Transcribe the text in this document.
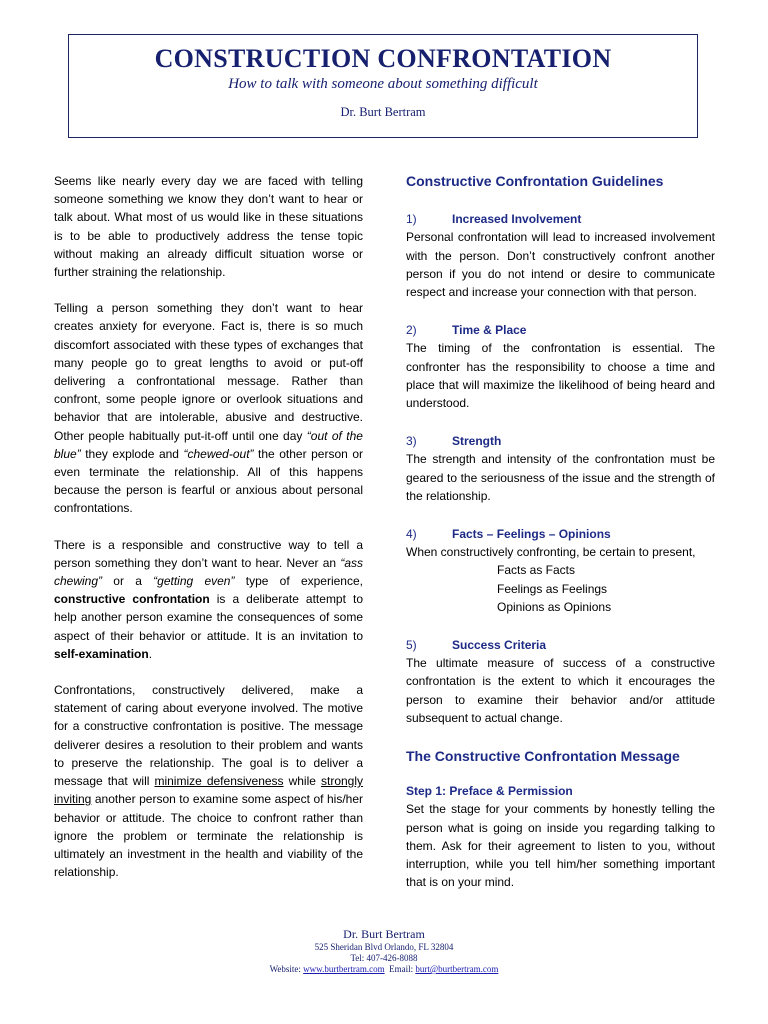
CONSTRUCTION CONFRONTATION
How to talk with someone about something difficult
Dr. Burt Bertram

Seems like nearly every day we are faced with telling someone something we know they don’t want to hear or talk about. What most of us would like in these situations is to be able to productively address the tense topic without making an already difficult situation worse or further straining the relationship.

Telling a person something they don’t want to hear creates anxiety for everyone. Fact is, there is so much discomfort associated with these types of exchanges that many people go to great lengths to avoid or put-off delivering a confrontational message. Rather than confront, some people ignore or overlook situations and behavior that are intolerable, abusive and destructive. Other people habitually put-it-off until one day “out of the blue” they explode and “chewed-out” the other person or even terminate the relationship. All of this happens because the person is fearful or anxious about personal confrontations.

There is a responsible and constructive way to tell a person something they don’t want to hear. Never an “ass chewing” or a “getting even” type of experience, constructive confrontation is a deliberate attempt to help another person examine the consequences of some aspect of their behavior or attitude. It is an invitation to self-examination.

Confrontations, constructively delivered, make a statement of caring about everyone involved. The motive for a constructive confrontation is positive. The message deliverer desires a resolution to their problem and wants to preserve the relationship. The goal is to deliver a message that will minimize defensiveness while strongly inviting another person to examine some aspect of his/her behavior or attitude. The choice to confront rather than ignore the problem or terminate the relationship is ultimately an investment in the health and viability of the relationship.

Constructive Confrontation Guidelines
1)	Increased Involvement

Personal confrontation will lead to increased involvement with the person. Don’t constructively confront another person if you do not intend or desire to communicate respect and increase your connection with that person.

2)	Time & Place

The timing of the confrontation is essential. The confronter has the responsibility to choose a time and place that will maximize the likelihood of being heard and understood.

3)	Strength

The strength and intensity of the confrontation must be geared to the seriousness of the issue and the strength of the relationship.

4)	Facts – Feelings – Opinions

When constructively confronting, be certain to present,

Facts as Facts
Feelings as Feelings
Opinions as Opinions
5)	Success Criteria

The ultimate measure of success of a constructive confrontation is the extent to which it encourages the person to examine their behavior and/or attitude subsequent to actual change.

The Constructive Confrontation Message
Step 1: Preface & Permission

Set the stage for your comments by honestly telling the person what is going on inside you regarding talking to them. Ask for their agreement to listen to you, without interruption, while you tell him/her something important that is on your mind.

Dr. Burt Bertram
525 Sheridan Blvd Orlando, FL 32804
Tel: 407-426-8088
Website: www.burtbertram.com  Email: burt@burtbertram.com
